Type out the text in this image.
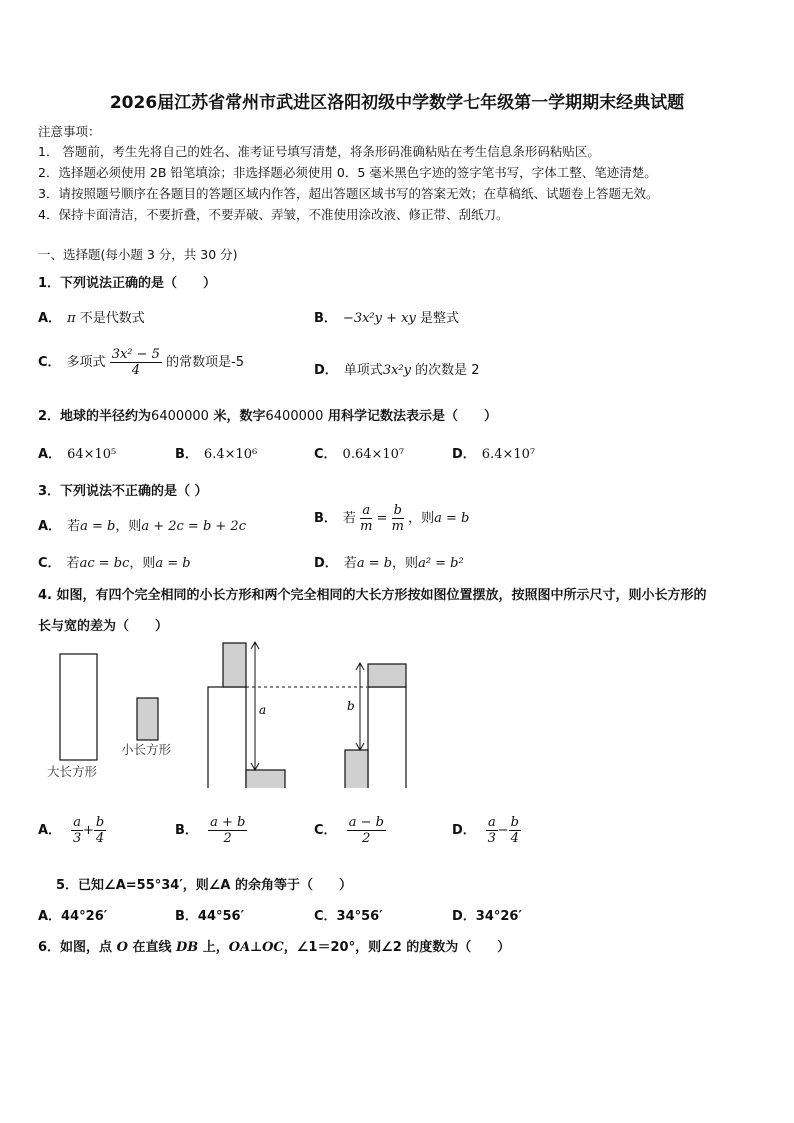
2026届江苏省常州市武进区洛阳初级中学数学七年级第一学期期末经典试题
注意事项：
1． 答题前，考生先将自己的姓名、准考证号填写清楚，将条形码准确粘贴在考生信息条形码粘贴区。
2．选择题必须使用 2B 铅笔填涂；非选择题必须使用 0．5 毫米黑色字迹的签字笔书写，字体工整、笔迹清楚。
3．请按照题号顺序在各题目的答题区域内作答，超出答题区域书写的答案无效；在草稿纸、试题卷上答题无效。
4．保持卡面清洁，不要折叠，不要弄破、弄皱，不准使用涂改液、修正带、刮纸刀。
一、选择题(每小题 3 分，共 30 分)
1．下列说法正确的是（　　）
A． π 不是代数式	B． −3x²y + xy 是整式
C． 多项式 $\frac{\text{3x² − 5}}{4}$ 的常数项是-5
D． 单项式3x²y 的次数是 2
2．地球的半径约为6400000 米，数字6400000 用科学记数法表示是（　　）
A． 64×10⁵	B． 6.4×10⁶	C． 0.64×10⁷	D． 6.4×10⁷
3．下列说法不正确的是（ ）
A． 若a = b，则a + 2c = b + 2c
B． 若 $\frac{a}{m} = \frac{b}{m}$ ，则a = b
C． 若ac = bc，则a = b	D． 若a = b，则a² = b²
4. 如图，有四个完全相同的小长方形和两个完全相同的大长方形按如图位置摆放，按照图中所示尺寸，则小长方形的
长与宽的差为（　　）
大长方形
小长方形
a	b
A． $\frac{a}{3} + \frac{b}{4}$	B． $\frac{a + b}{2}$	C． $\frac{a - b}{2}$	D． $\frac{a}{3} - \frac{b}{4}$
5．已知∠A=55°34′，则∠A 的余角等于（　　）
A．44°26′	B．44°56′	C．34°56′	D．34°26′
6．如图，点 O 在直线 DB 上，OA⊥OC，∠1＝20°，则∠2 的度数为（　　）
